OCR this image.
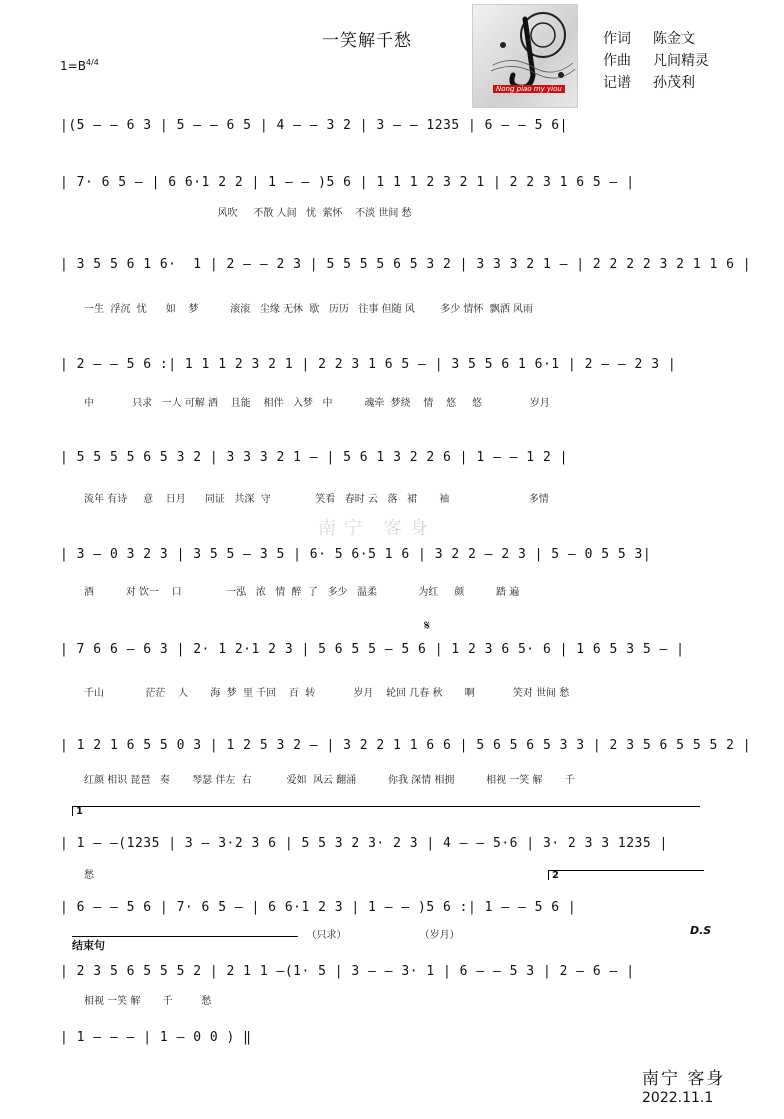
一笑解千愁
$1=B^{4/4}$
Nong piao my yiou
作词 陈金文
作曲 凡间精灵
记谱 孙茂利
|(5 – – 6 3 | 5 – – 6 5 | 4 – – 3 2 | 3 – – 1235 | 6 – – 5 6|
| 7· 6 5 – | 6 6·1 2 2 | 1 – – )5 6 | 1 1 1 2 3 2 1 | 2 2 3 1 6 5 – |
风吹     不散 人间   忧  萦怀    不淡 世间 愁
| 3 5 5 6 1 6·  1 | 2 – – 2 3 | 5 5 5 5 6 5 3 2 | 3 3 3 2 1 – | 2 2 2 2 3 2 1 1 6 |
一生  浮沉  忧      如    梦          滚滚   尘缘 无休  歇   历历   往事 但随 风        多少 情怀  飘洒 风雨
| 2 – – 5 6 :| 1 1 1 2 3 2 1 | 2 2 3 1 6 5 – | 3 5 5 6 1 6·1 | 2 – – 2 3 |
中            只求   一人 可解 酒    且能    相伴   入梦   中          魂牵  梦绕    情    悠     悠               岁月
| 5 5 5 5 6 5 3 2 | 3 3 3 2 1 – | 5 6 1 3 2 2 6 | 1 – – 1 2 |
流年 有诗     意    日月      同证   共深  守              笑看   春时 云   落   裙       袖                         多情
南宁 客身
| 3 – 0 3 2 3 | 3 5 5 – 3 5 | 6· 5 6·5 1 6 | 3 2 2 – 2 3 | 5 – 0 5 5 3|
酒          对 饮一    口              一泓   浓   情  醉  了   多少   温柔             为红     颜          踏 遍
| 7 6 6 – 6 3 | 2· 1 2·1 2 3 | 5 6 5 5 – 5 6 | 1 2 3 6 5· 6 | 1 6 5 3 5 – |
𝄋
千山             茫茫    人       海  梦  里 千回    百  转            岁月    轮回 几春 秋       啊            笑对 世间 愁
| 1 2 1 6 5 5 0 3 | 1 2 5 3 2 – | 3 2 2 1 1 6 6 | 5 6 5 6 5 3 3 | 2 3 5 6 5 5 5 2 |
红颜 相识 琵琶   奏       琴瑟 伴左  右           爱如  风云 翻涌          你我 深情 相拥          相视 一笑 解       千
1
| 1 – –(1235 | 3 – 3·2 3 6 | 5 5 3 2 3· 2 3 | 4 – – 5·6 | 3· 2 3 3 1235 |
愁	2
| 6 – – 5 6 | 7· 6 5 – | 6 6·1 2 3 | 1 – – )5 6 :| 1 – – 5 6 |
（只求）                       （岁月）	D.S
结束句
| 2 3 5 6 5 5 5 2 | 2 1 1 –(1· 5 | 3 – – 3· 1 | 6 – – 5 3 | 2 – 6 – |
相视 一笑 解       千         愁
| 1 – – – | 1 – 0 0 ) ‖
南宁 客身
2022.11.1
